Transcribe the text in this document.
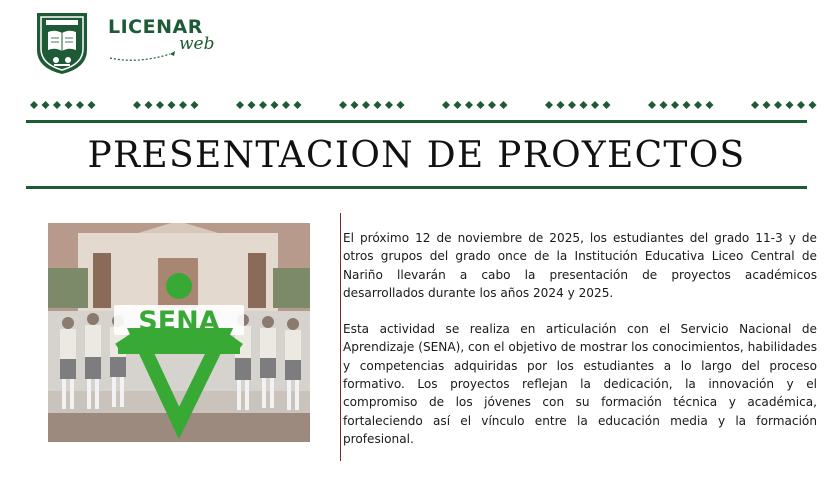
LICENAR
web
PRESENTACION DE PROYECTOS
SENA

El próximo 12 de noviembre de 2025, los estudiantes del grado 11-3 y de otros grupos del grado once de la Institución Educativa Liceo Central de Nariño llevarán a cabo la presentación de proyectos académicos desarrollados durante los años 2024 y 2025.

Esta actividad se realiza en articulación con el Servicio Nacional de Aprendizaje (SENA), con el objetivo de mostrar los conocimientos, habilidades y competencias adquiridas por los estudiantes a lo largo del proceso formativo. Los proyectos reflejan la dedicación, la innovación y el compromiso de los jóvenes con su formación técnica y académica, fortaleciendo así el vínculo entre la educación media y la formación profesional.
